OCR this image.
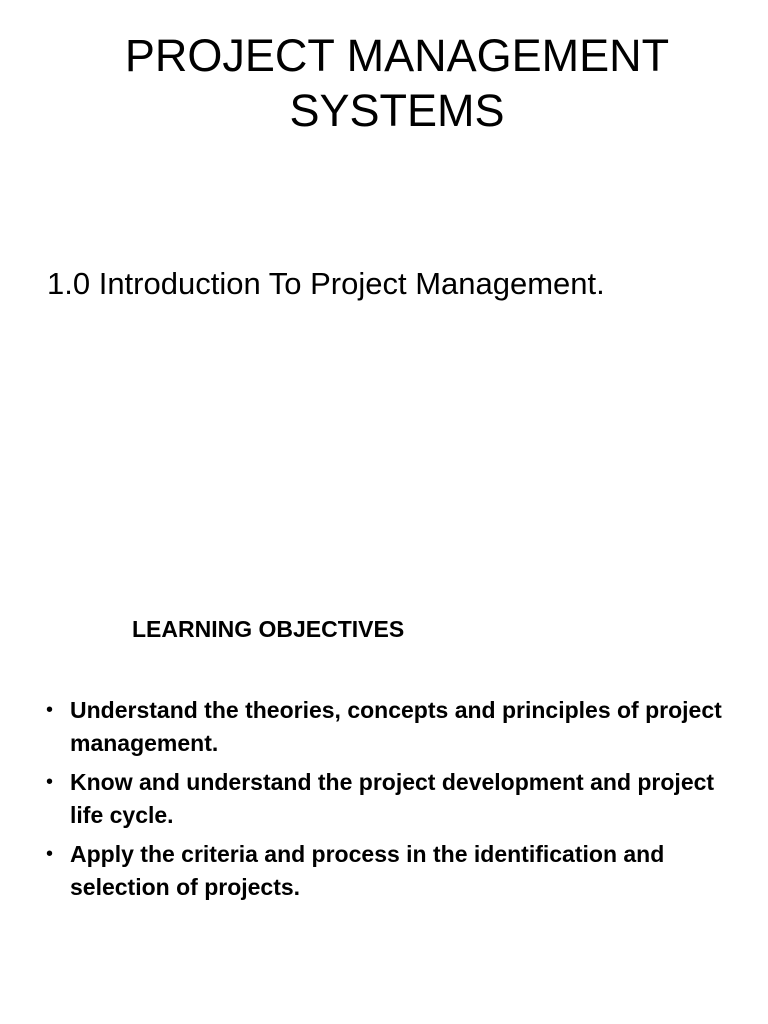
PROJECT MANAGEMENT
SYSTEMS
1.0 Introduction To Project Management.
LEARNING OBJECTIVES
• Understand the theories, concepts and principles of project management.
• Know and understand the project development and project life cycle.
• Apply the criteria and process in the identification and selection of projects.
